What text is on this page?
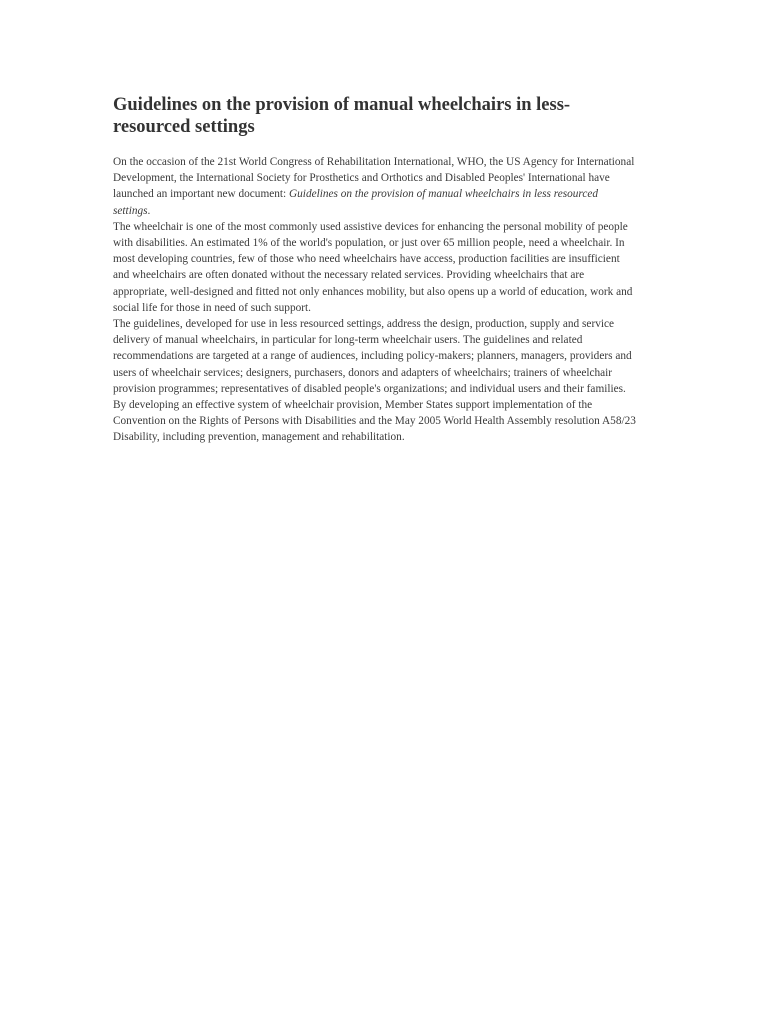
Guidelines on the provision of manual wheelchairs in less-resourced settings

On the occasion of the 21st World Congress of Rehabilitation International, WHO, the US Agency for International Development, the International Society for Prosthetics and Orthotics and Disabled Peoples' International have launched an important new document: Guidelines on the provision of manual wheelchairs in less resourced settings.

The wheelchair is one of the most commonly used assistive devices for enhancing the personal mobility of people with disabilities. An estimated 1% of the world's population, or just over 65 million people, need a wheelchair. In most developing countries, few of those who need wheelchairs have access, production facilities are insufficient and wheelchairs are often donated without the necessary related services. Providing wheelchairs that are appropriate, well-designed and fitted not only enhances mobility, but also opens up a world of education, work and social life for those in need of such support.

The guidelines, developed for use in less resourced settings, address the design, production, supply and service delivery of manual wheelchairs, in particular for long-term wheelchair users. The guidelines and related recommendations are targeted at a range of audiences, including policy-makers; planners, managers, providers and users of wheelchair services; designers, purchasers, donors and adapters of wheelchairs; trainers of wheelchair provision programmes; representatives of disabled people's organizations; and individual users and their families.

By developing an effective system of wheelchair provision, Member States support implementation of the Convention on the Rights of Persons with Disabilities and the May 2005 World Health Assembly resolution A58/23 Disability, including prevention, management and rehabilitation.
